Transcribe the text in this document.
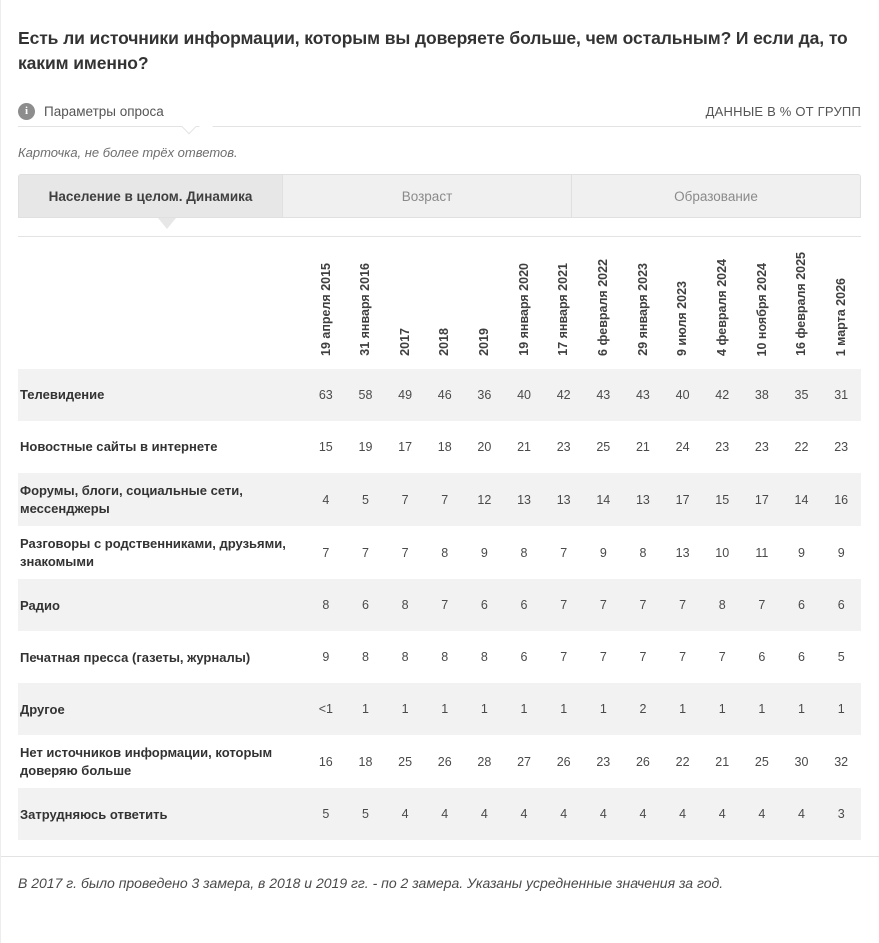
Есть ли источники информации, которым вы доверяете больше, чем остальным? И если да, то каким именно?
i	Параметры опроса	ДАННЫЕ В % ОТ ГРУПП
Карточка, не более трёх ответов.
Население в целом. Динамика	Возраст	Образование
	19 апреля 2015	31 января 2016	2017	2018	2019	19 января 2020	17 января 2021	6 февраля 2022	29 января 2023	9 июля 2023	4 февраля 2024	10 ноября 2024	16 февраля 2025	1 марта 2026
Телевидение	63	58	49	46	36	40	42	43	43	40	42	38	35	31
Новостные сайты в интернете	15	19	17	18	20	21	23	25	21	24	23	23	22	23
Форумы, блоги, социальные сети, мессенджеры	4	5	7	7	12	13	13	14	13	17	15	17	14	16
Разговоры с родственниками, друзьями, знакомыми	7	7	7	8	9	8	7	9	8	13	10	11	9	9
Радио	8	6	8	7	6	6	7	7	7	7	8	7	6	6
Печатная пресса (газеты, журналы)	9	8	8	8	8	6	7	7	7	7	7	6	6	5
Другое	<1	1	1	1	1	1	1	1	2	1	1	1	1	1
Нет источников информации, которым доверяю больше	16	18	25	26	28	27	26	23	26	22	21	25	30	32
Затрудняюсь ответить	5	5	4	4	4	4	4	4	4	4	4	4	4	3
В 2017 г. было проведено 3 замера, в 2018 и 2019 гг. - по 2 замера. Указаны усредненные значения за год.
